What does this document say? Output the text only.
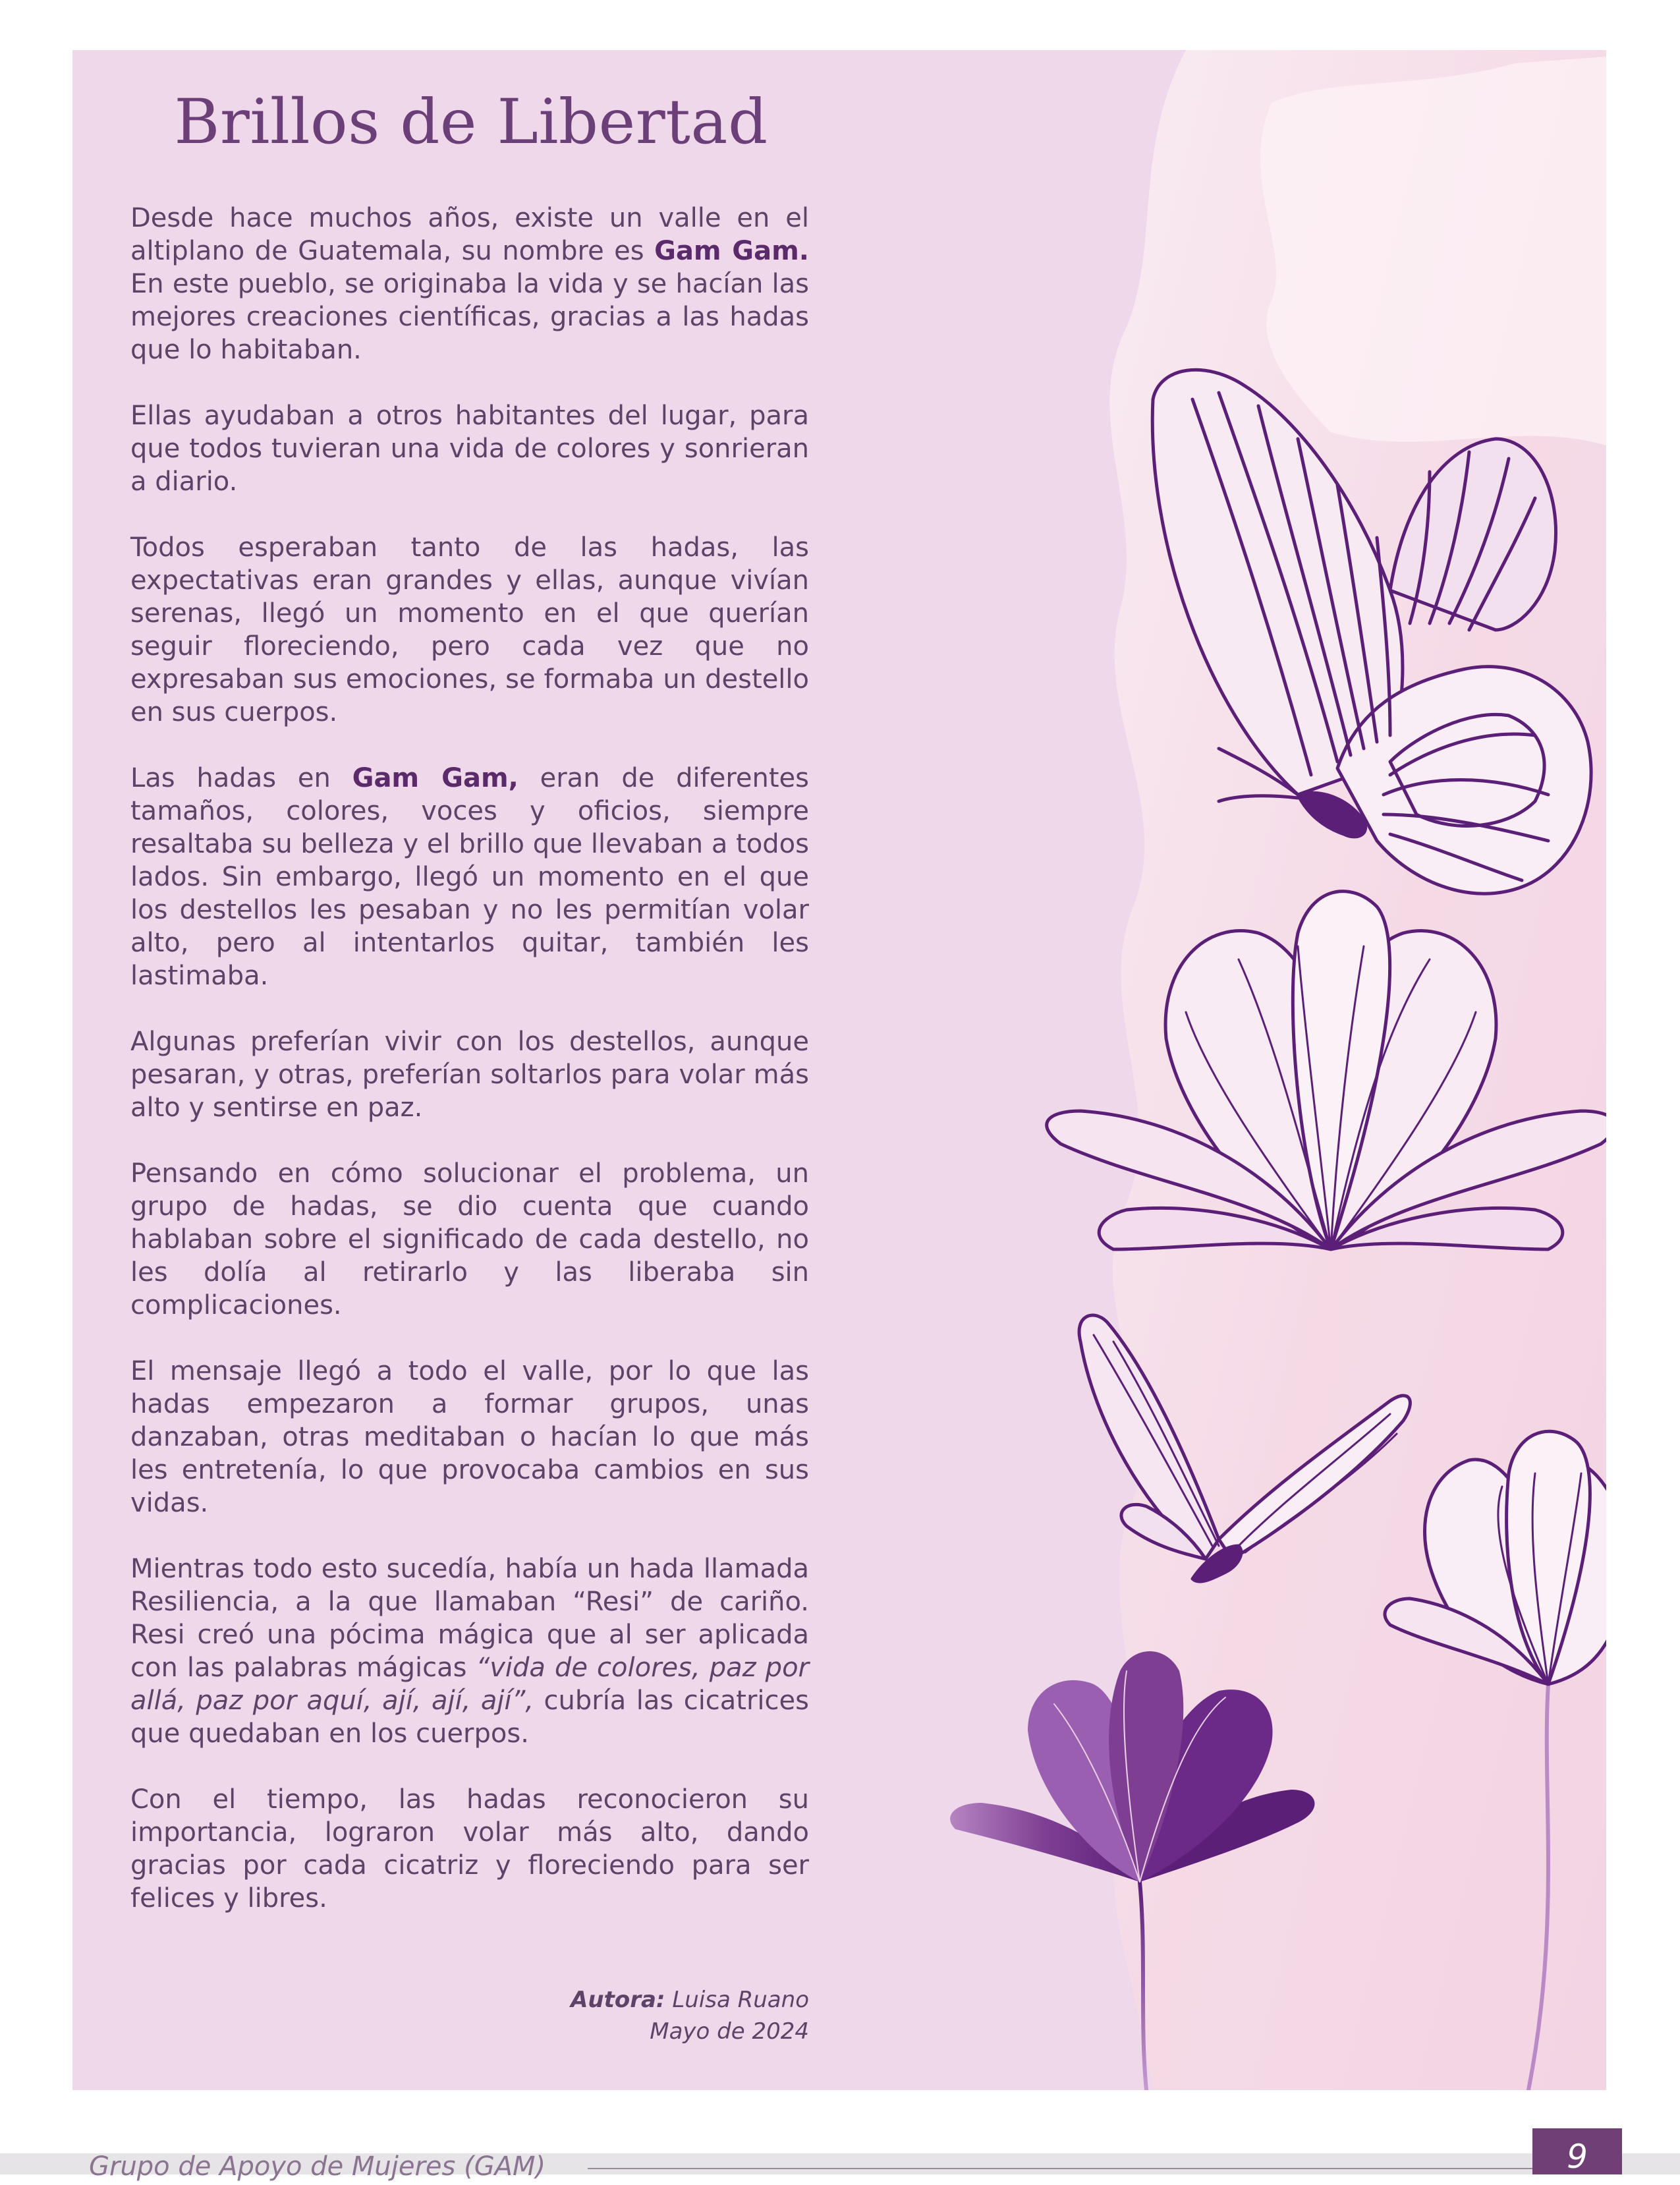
Brillos de Libertad

Desde hace muchos años, existe un valle en el altiplano de Guatemala, su nombre es Gam Gam. En este pueblo, se originaba la vida y se hacían las mejores creaciones científicas, gracias a las hadas que lo habitaban.

Ellas ayudaban a otros habitantes del lugar, para que todos tuvieran una vida de colores y sonrieran a diario.

Todos esperaban tanto de las hadas, las expectativas eran grandes y ellas, aunque vivían serenas, llegó un momento en el que querían seguir floreciendo, pero cada vez que no expresaban sus emociones, se formaba un destello en sus cuerpos.

Las hadas en Gam Gam, eran de diferentes tamaños, colores, voces y oficios, siempre resaltaba su belleza y el brillo que llevaban a todos lados. Sin embargo, llegó un momento en el que los destellos les pesaban y no les permitían volar alto, pero al intentarlos quitar, también les lastimaba.

Algunas preferían vivir con los destellos, aunque pesaran, y otras, preferían soltarlos para volar más alto y sentirse en paz.

Pensando en cómo solucionar el problema, un grupo de hadas, se dio cuenta que cuando hablaban sobre el significado de cada destello, no les dolía al retirarlo y las liberaba sin complicaciones.

El mensaje llegó a todo el valle, por lo que las hadas empezaron a formar grupos, unas danzaban, otras meditaban o hacían lo que más les entretenía, lo que provocaba cambios en sus vidas.

Mientras todo esto sucedía, había un hada llamada Resiliencia, a la que llamaban “Resi” de cariño. Resi creó una pócima mágica que al ser aplicada con las palabras mágicas “vida de colores, paz por allá, paz por aquí, ají, ají, ají”, cubría las cicatrices que quedaban en los cuerpos.

Con el tiempo, las hadas reconocieron su importancia, lograron volar más alto, dando gracias por cada cicatriz y floreciendo para ser felices y libres.

Autora: Luisa Ruano
Mayo de 2024
Grupo de Apoyo de Mujeres (GAM)	9
